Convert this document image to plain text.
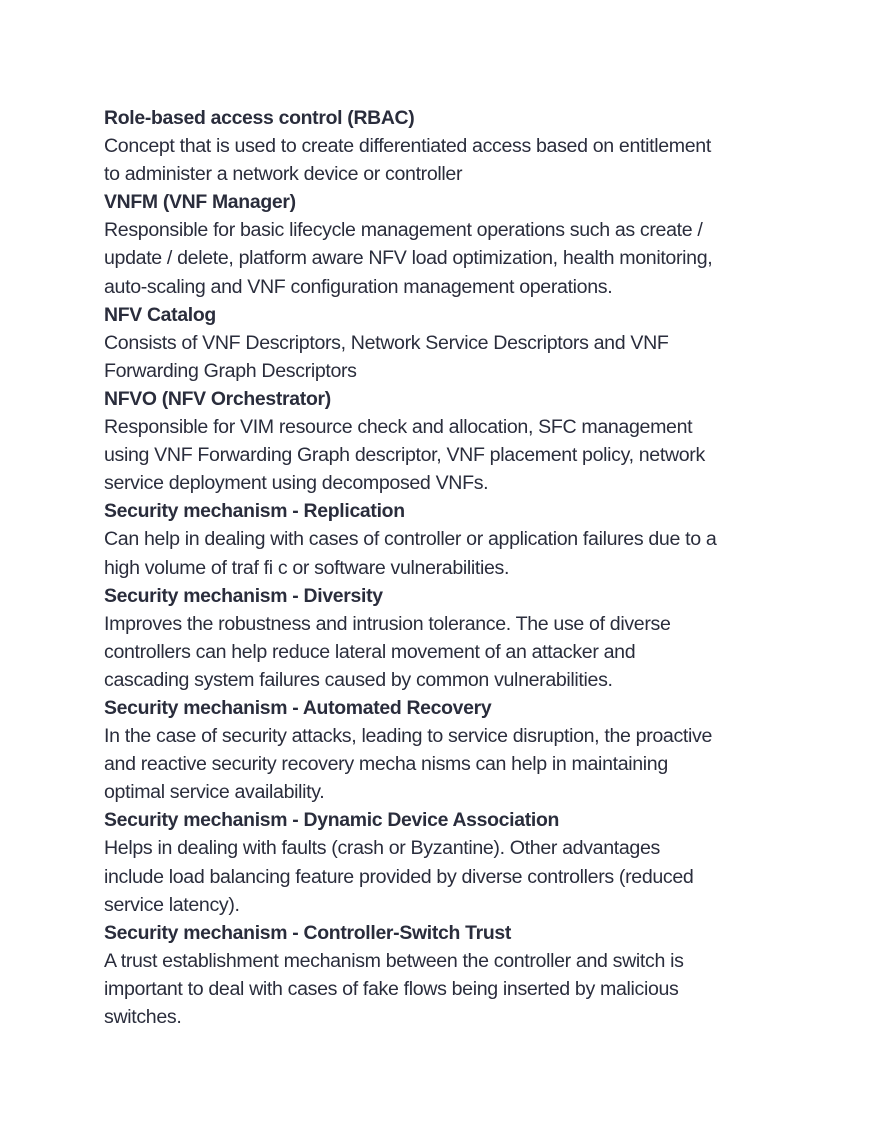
Role-based access control (RBAC)

Concept that is used to create differentiated access based on entitlement
to administer a network device or controller

VNFM (VNF Manager)

Responsible for basic lifecycle management operations such as create /
update / delete, platform aware NFV load optimization, health monitoring,
auto-scaling and VNF configuration management operations.

NFV Catalog

Consists of VNF Descriptors, Network Service Descriptors and VNF
Forwarding Graph Descriptors

NFVO (NFV Orchestrator)

Responsible for VIM resource check and allocation, SFC management
using VNF Forwarding Graph descriptor, VNF placement policy, network
service deployment using decomposed VNFs.

Security mechanism - Replication

Can help in dealing with cases of controller or application failures due to a
high volume of traf fi c or software vulnerabilities.

Security mechanism - Diversity

Improves the robustness and intrusion tolerance. The use of diverse
controllers can help reduce lateral movement of an attacker and
cascading system failures caused by common vulnerabilities.

Security mechanism - Automated Recovery

In the case of security attacks, leading to service disruption, the proactive
and reactive security recovery mecha nisms can help in maintaining
optimal service availability.

Security mechanism - Dynamic Device Association

Helps in dealing with faults (crash or Byzantine). Other advantages
include load balancing feature provided by diverse controllers (reduced
service latency).

Security mechanism - Controller-Switch Trust

A trust establishment mechanism between the controller and switch is
important to deal with cases of fake flows being inserted by malicious
switches.
